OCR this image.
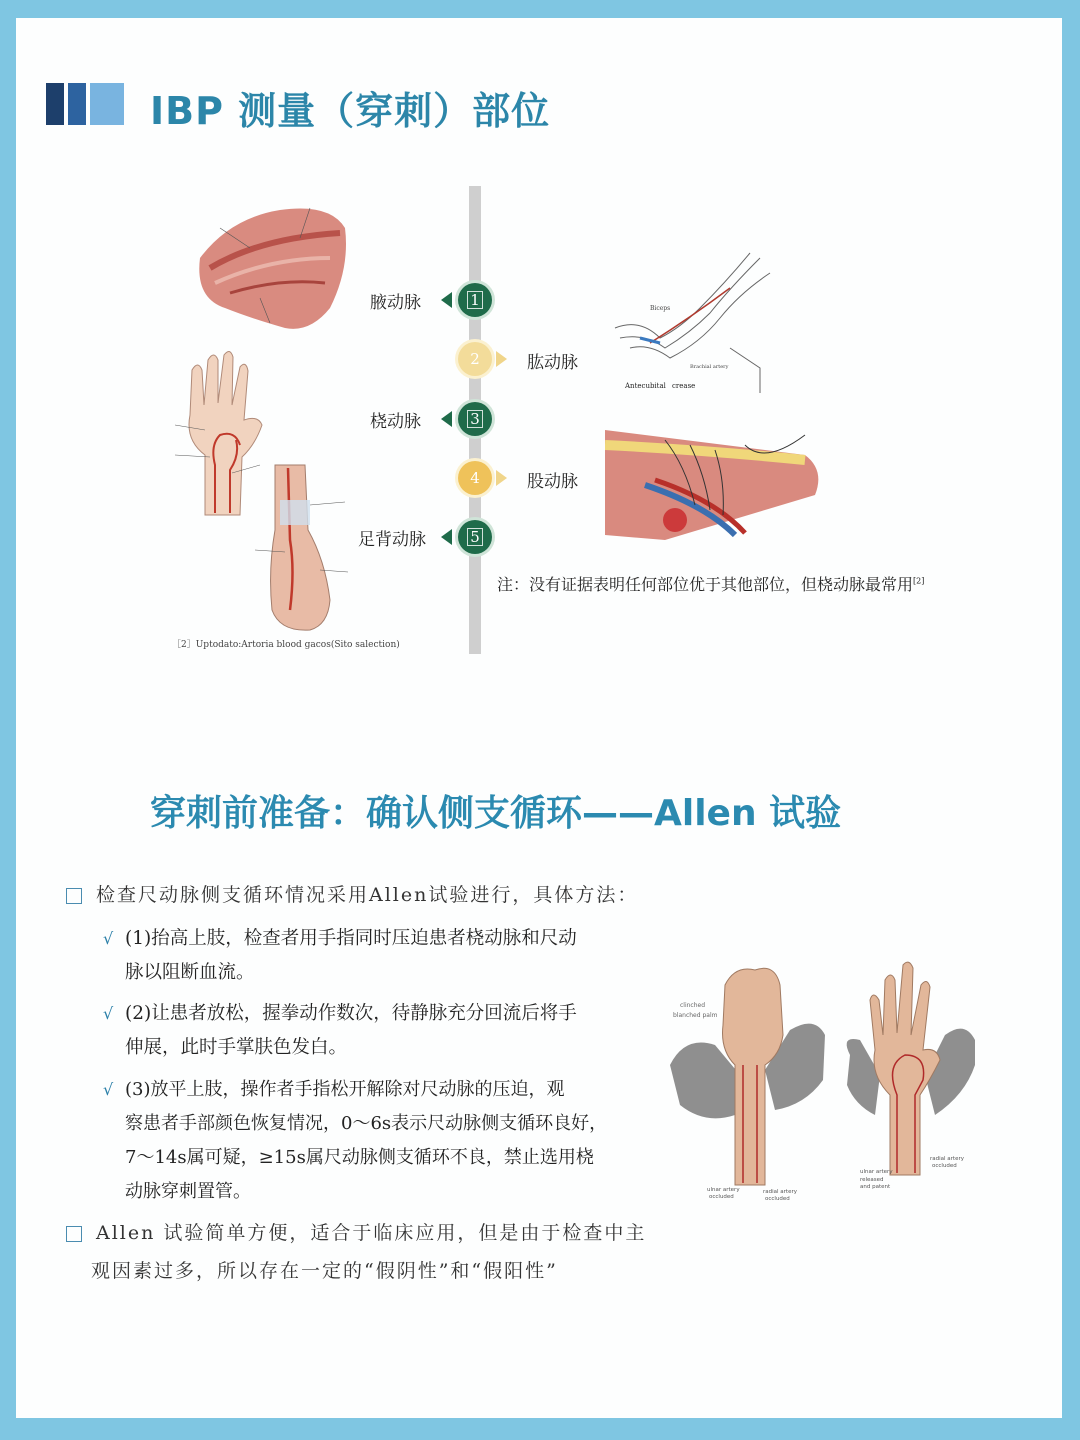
IBP 测量（穿刺）部位
1
腋动脉
2	肱动脉
3
桡动脉
4	股动脉
5
足背动脉
Biceps
Antecubital crease
Brachial artery
注：没有证据表明任何部位优于其他部位，但桡动脉最常用[2]
［2］Uptodato:Artoria blood gacos(Sito salection)
穿刺前准备：确认侧支循环——Allen 试验
检查尺动脉侧支循环情况采用Allen试验进行，具体方法：
√ (1)抬高上肢，检查者用手指同时压迫患者桡动脉和尺动
脉以阻断血流。
√ (2)让患者放松，握拳动作数次，待静脉充分回流后将手
伸展，此时手掌肤色发白。
√ (3)放平上肢，操作者手指松开解除对尺动脉的压迫，观
察患者手部颜色恢复情况，0～6s表示尺动脉侧支循环良好，
7～14s属可疑，≥15s属尺动脉侧支循环不良，禁止选用桡
动脉穿刺置管。
Allen 试验简单方便，适合于临床应用，但是由于检查中主
观因素过多，所以存在一定的“假阴性”和“假阳性”
clinched
blanched palm
ulnar artery
occluded
radial artery
occluded
ulnar artery
released
and patent
radial artery
occluded
